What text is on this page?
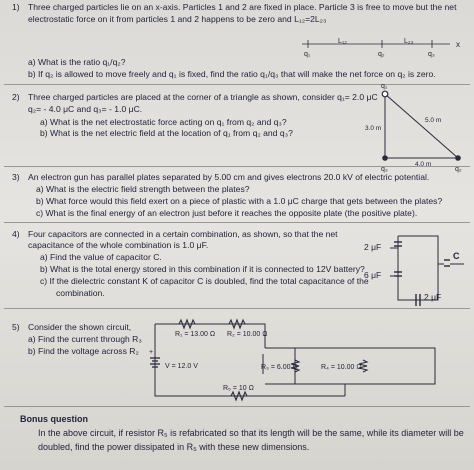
1) Three charged particles lie on an x-axis. Particles 1 and 2 are fixed in place. Particle 3 is free to move but the net
electrostatic force on it from particles 1 and 2 happens to be zero and L₁₂=2L₂₃
a) What is the ratio q₁/q₂?
b) If q₂ is allowed to move freely and q₁ is fixed, find the ratio q₁/q₃ that will make the net force on q₂ is zero.
L₁₂	L₂₃	x
q₁	q₂	q₃
2) Three charged particles are placed at the corner of a triangle as shown, consider q₁= 2.0 μC
q₂= - 4.0 μC and q₃= - 1.0 μC.
a) What is the net electrostatic force acting on q₁ from q₂ and q₃?
b) What is the net electric field at the location of q₁ from q₂ and q₃?
q₁
q₃	q₂
3.0 m
5.0 m
4.0 m
3) An electron gun has parallel plates separated by 5.00 cm and gives electrons 20.0 kV of electric potential.
a) What is the electric field strength between the plates?
b) What force would this field exert on a piece of plastic with a 1.0 μC charge that gets between the plates?
c) What is the final energy of an electron just before it reaches the opposite plate (the positive plate).
4) Four capacitors are connected in a certain combination, as shown, so that the net
capacitance of the whole combination is 1.0 μF.
a) Find the value of capacitor C.
b) What is the total energy stored in this combination if it is connected to 12V battery?
c) If the dielectric constant K of capacitor C is doubled, find the total capacitance of the
combination.
2 μF
6 μF
2 μF
C
5) Consider the shown circuit,
a) Find the current through R₃
b) Find the voltage across R₂ +
R₁ = 13.00 Ω R₂ = 10.00 Ω
V = 12.0 V	R₃ = 6.00 Ω	R₄ = 10.00 Ω
R₅ = 10 Ω
Bonus question
In the above circuit, if resistor R₅ is refabricated so that its length will be the same, while its diameter will be
doubled, find the power dissipated in R₅ with these new dimensions.
